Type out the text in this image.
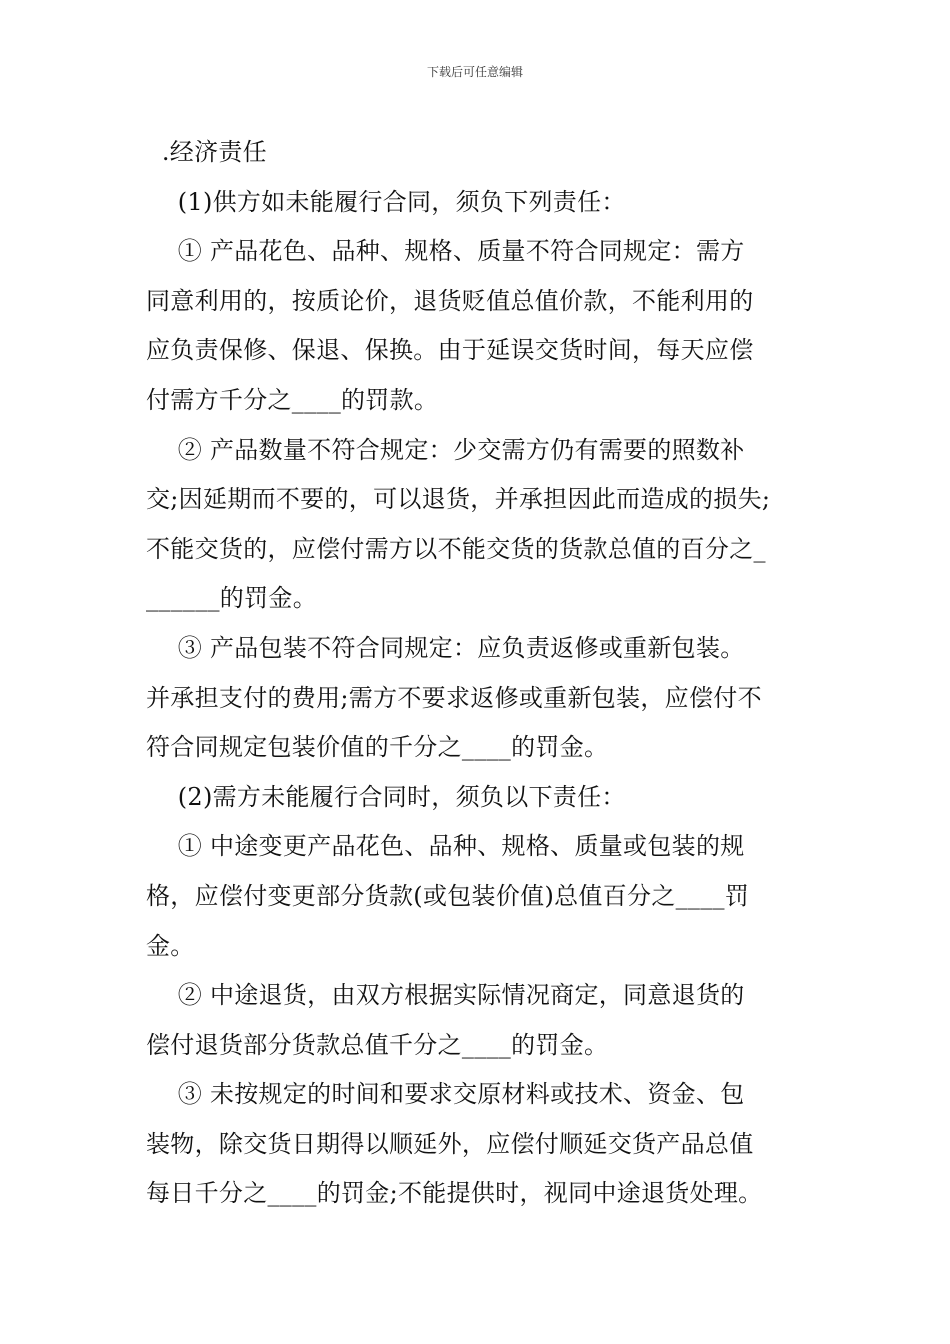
下载后可任意编辑
.经济责任
(1)供方如未能履行合同，须负下列责任：
① 产品花色、品种、规格、质量不符合同规定：需方
同意利用的，按质论价，退货贬值总值价款，不能利用的
应负责保修、保退、保换。由于延误交货时间，每天应偿
付需方千分之____的罚款。
② 产品数量不符合规定：少交需方仍有需要的照数补
交;因延期而不要的，可以退货，并承担因此而造成的损失;
不能交货的，应偿付需方以不能交货的货款总值的百分之_
______的罚金。
③ 产品包装不符合同规定：应负责返修或重新包装。
并承担支付的费用;需方不要求返修或重新包装，应偿付不
符合同规定包装价值的千分之____的罚金。
(2)需方未能履行合同时，须负以下责任：
① 中途变更产品花色、品种、规格、质量或包装的规
格，应偿付变更部分货款(或包装价值)总值百分之____罚
金。
② 中途退货，由双方根据实际情况商定，同意退货的
偿付退货部分货款总值千分之____的罚金。
③ 未按规定的时间和要求交原材料或技术、资金、包
装物，除交货日期得以顺延外，应偿付顺延交货产品总值
每日千分之____的罚金;不能提供时，视同中途退货处理。
